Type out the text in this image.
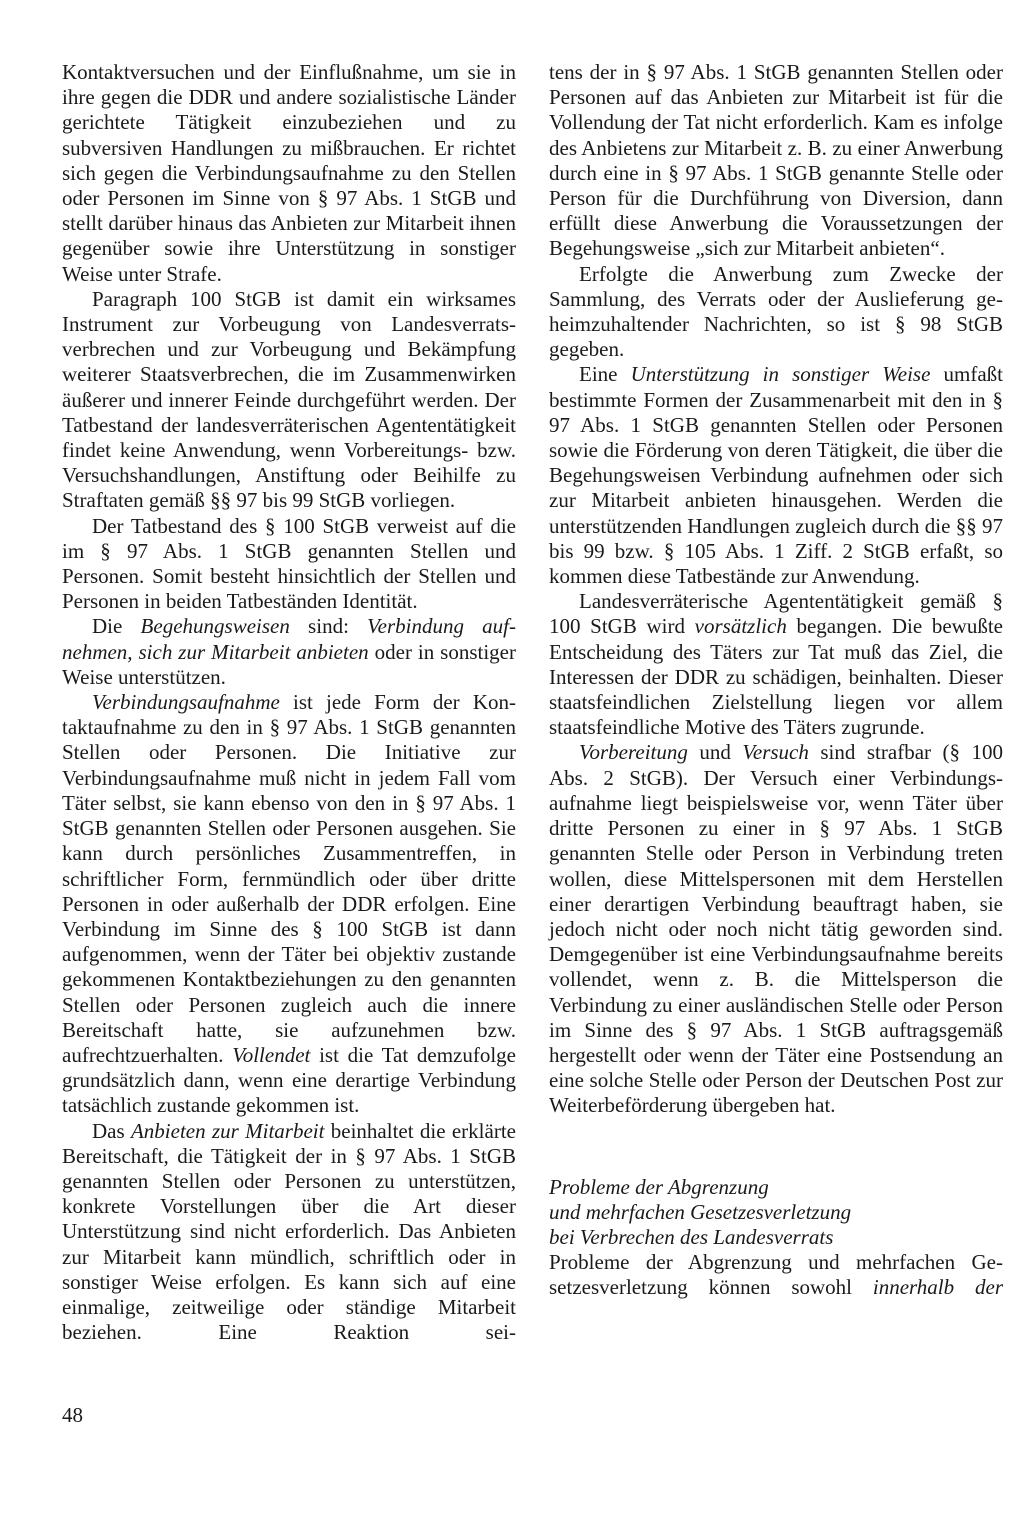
Kontaktversuchen und der Einflußnahme, um sie in ihre gegen die DDR und andere sozialistische Länder gerichtete Tätigkeit einzubeziehen und zu subversiven Handlungen zu mißbrauchen. Er richtet sich gegen die Verbindungsaufnahme zu den Stellen oder Personen im Sinne von § 97 Abs. 1 StGB und stellt darüber hinaus das Anbieten zur Mitarbeit ihnen gegenüber sowie ihre Unterstützung in sonstiger Weise unter Strafe.

Paragraph 100 StGB ist damit ein wirksames Instrument zur Vorbeugung von Landesverratsverbrechen und zur Vorbeugung und Bekämpfung weiterer Staatsverbrechen, die im Zusammenwirken äußerer und innerer Feinde durchgeführt werden. Der Tatbestand der landesverräterischen Agententätigkeit findet keine Anwendung, wenn Vorbereitungs- bzw. Versuchshandlungen, Anstiftung oder Beihilfe zu Straftaten gemäß §§ 97 bis 99 StGB vorliegen.

Der Tatbestand des § 100 StGB verweist auf die im § 97 Abs. 1 StGB genannten Stellen und Personen. Somit besteht hinsichtlich der Stellen und Personen in beiden Tatbeständen Identität.

Die Begehungsweisen sind: Verbindung aufnehmen, sich zur Mitarbeit anbieten oder in sonstiger Weise unterstützen.

Verbindungsaufnahme ist jede Form der Kontaktaufnahme zu den in § 97 Abs. 1 StGB genannten Stellen oder Personen. Die Initiative zur Verbindungsaufnahme muß nicht in jedem Fall vom Täter selbst, sie kann ebenso von den in § 97 Abs. 1 StGB genannten Stellen oder Personen ausgehen. Sie kann durch persönliches Zusammentreffen, in schriftlicher Form, fernmündlich oder über dritte Personen in oder außerhalb der DDR erfolgen. Eine Verbindung im Sinne des § 100 StGB ist dann aufgenommen, wenn der Täter bei objektiv zustande gekommenen Kontaktbeziehungen zu den genannten Stellen oder Personen zugleich auch die innere Bereitschaft hatte, sie aufzunehmen bzw. aufrechtzuerhalten. Vollendet ist die Tat demzufolge grundsätzlich dann, wenn eine derartige Verbindung tatsächlich zustande gekommen ist.

Das Anbieten zur Mitarbeit beinhaltet die erklärte Bereitschaft, die Tätigkeit der in § 97 Abs. 1 StGB genannten Stellen oder Personen zu unterstützen, konkrete Vorstellungen über die Art dieser Unterstützung sind nicht erforderlich. Das Anbieten zur Mitarbeit kann mündlich, schriftlich oder in sonstiger Weise erfolgen. Es kann sich auf eine einmalige, zeitweilige oder ständige Mitarbeit beziehen. Eine Reaktion sei-

tens der in § 97 Abs. 1 StGB genannten Stellen oder Personen auf das Anbieten zur Mitarbeit ist für die Vollendung der Tat nicht erforderlich. Kam es infolge des Anbietens zur Mitarbeit z. B. zu einer Anwerbung durch eine in § 97 Abs. 1 StGB genannte Stelle oder Person für die Durchführung von Diversion, dann erfüllt diese Anwerbung die Voraussetzungen der Begehungsweise „sich zur Mitarbeit anbieten“.

Erfolgte die Anwerbung zum Zwecke der Sammlung, des Verrats oder der Auslieferung geheimzuhaltender Nachrichten, so ist § 98 StGB gegeben.

Eine Unterstützung in sonstiger Weise umfaßt bestimmte Formen der Zusammenarbeit mit den in § 97 Abs. 1 StGB genannten Stellen oder Personen sowie die Förderung von deren Tätigkeit, die über die Begehungsweisen Verbindung aufnehmen oder sich zur Mitarbeit anbieten hinausgehen. Werden die unterstützenden Handlungen zugleich durch die §§ 97 bis 99 bzw. § 105 Abs. 1 Ziff. 2 StGB erfaßt, so kommen diese Tatbestände zur Anwendung.

Landesverräterische Agententätigkeit gemäß § 100 StGB wird vorsätzlich begangen. Die bewußte Entscheidung des Täters zur Tat muß das Ziel, die Interessen der DDR zu schädigen, beinhalten. Dieser staatsfeindlichen Zielstellung liegen vor allem staatsfeindliche Motive des Täters zugrunde.

Vorbereitung und Versuch sind strafbar (§ 100 Abs. 2 StGB). Der Versuch einer Verbindungsaufnahme liegt beispielsweise vor, wenn Täter über dritte Personen zu einer in § 97 Abs. 1 StGB genannten Stelle oder Person in Verbindung treten wollen, diese Mittelspersonen mit dem Herstellen einer derartigen Verbindung beauftragt haben, sie jedoch nicht oder noch nicht tätig geworden sind. Demgegenüber ist eine Verbindungsaufnahme bereits vollendet, wenn z. B. die Mittelsperson die Verbindung zu einer ausländischen Stelle oder Person im Sinne des § 97 Abs. 1 StGB auftragsgemäß hergestellt oder wenn der Täter eine Postsendung an eine solche Stelle oder Person der Deutschen Post zur Weiterbeförderung übergeben hat.

Probleme der Abgrenzung
und mehrfachen Gesetzesverletzung
bei Verbrechen des Landesverrats

Probleme der Abgrenzung und mehrfachen Gesetzesverletzung können sowohl innerhalb der

48
